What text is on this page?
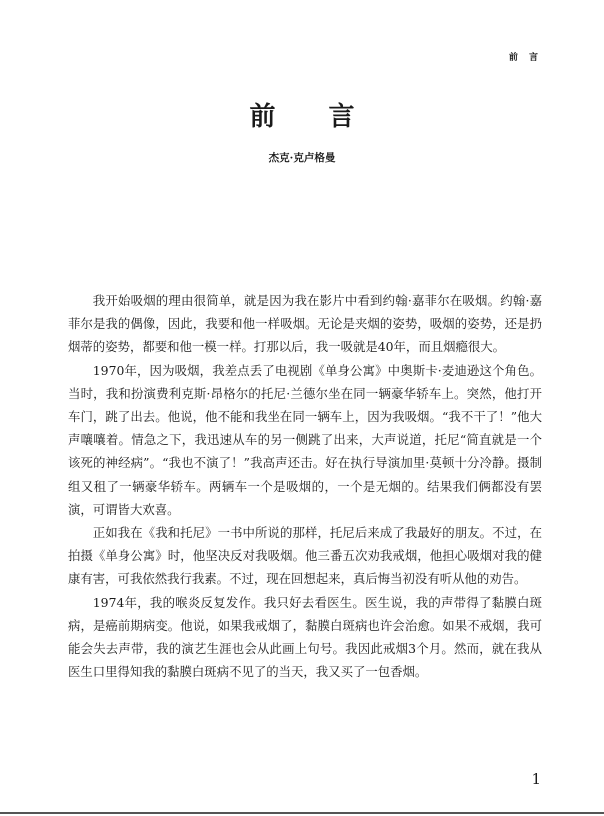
前 言
前 言
杰克·克卢格曼

我开始吸烟的理由很简单，就是因为我在影片中看到约翰·嘉菲尔在吸烟。约翰·嘉菲尔是我的偶像，因此，我要和他一样吸烟。无论是夹烟的姿势，吸烟的姿势，还是扔烟蒂的姿势，都要和他一模一样。打那以后，我一吸就是40年，而且烟瘾很大。

1970年，因为吸烟，我差点丢了电视剧《单身公寓》中奥斯卡·麦迪逊这个角色。当时，我和扮演费利克斯·昂格尔的托尼·兰德尔坐在同一辆豪华轿车上。突然，他打开车门，跳了出去。他说，他不能和我坐在同一辆车上，因为我吸烟。“我不干了！”他大声嚷嚷着。情急之下，我迅速从车的另一侧跳了出来，大声说道，托尼“简直就是一个该死的神经病”。“我也不演了！”我高声还击。好在执行导演加里·莫顿十分冷静。摄制组又租了一辆豪华轿车。两辆车一个是吸烟的，一个是无烟的。结果我们俩都没有罢演，可谓皆大欢喜。

正如我在《我和托尼》一书中所说的那样，托尼后来成了我最好的朋友。不过，在拍摄《单身公寓》时，他坚决反对我吸烟。他三番五次劝我戒烟，他担心吸烟对我的健康有害，可我依然我行我素。不过，现在回想起来，真后悔当初没有听从他的劝告。

1974年，我的喉炎反复发作。我只好去看医生。医生说，我的声带得了黏膜白斑病，是癌前期病变。他说，如果我戒烟了，黏膜白斑病也许会治愈。如果不戒烟，我可能会失去声带，我的演艺生涯也会从此画上句号。我因此戒烟3个月。然而，就在我从医生口里得知我的黏膜白斑病不见了的当天，我又买了一包香烟。

1
